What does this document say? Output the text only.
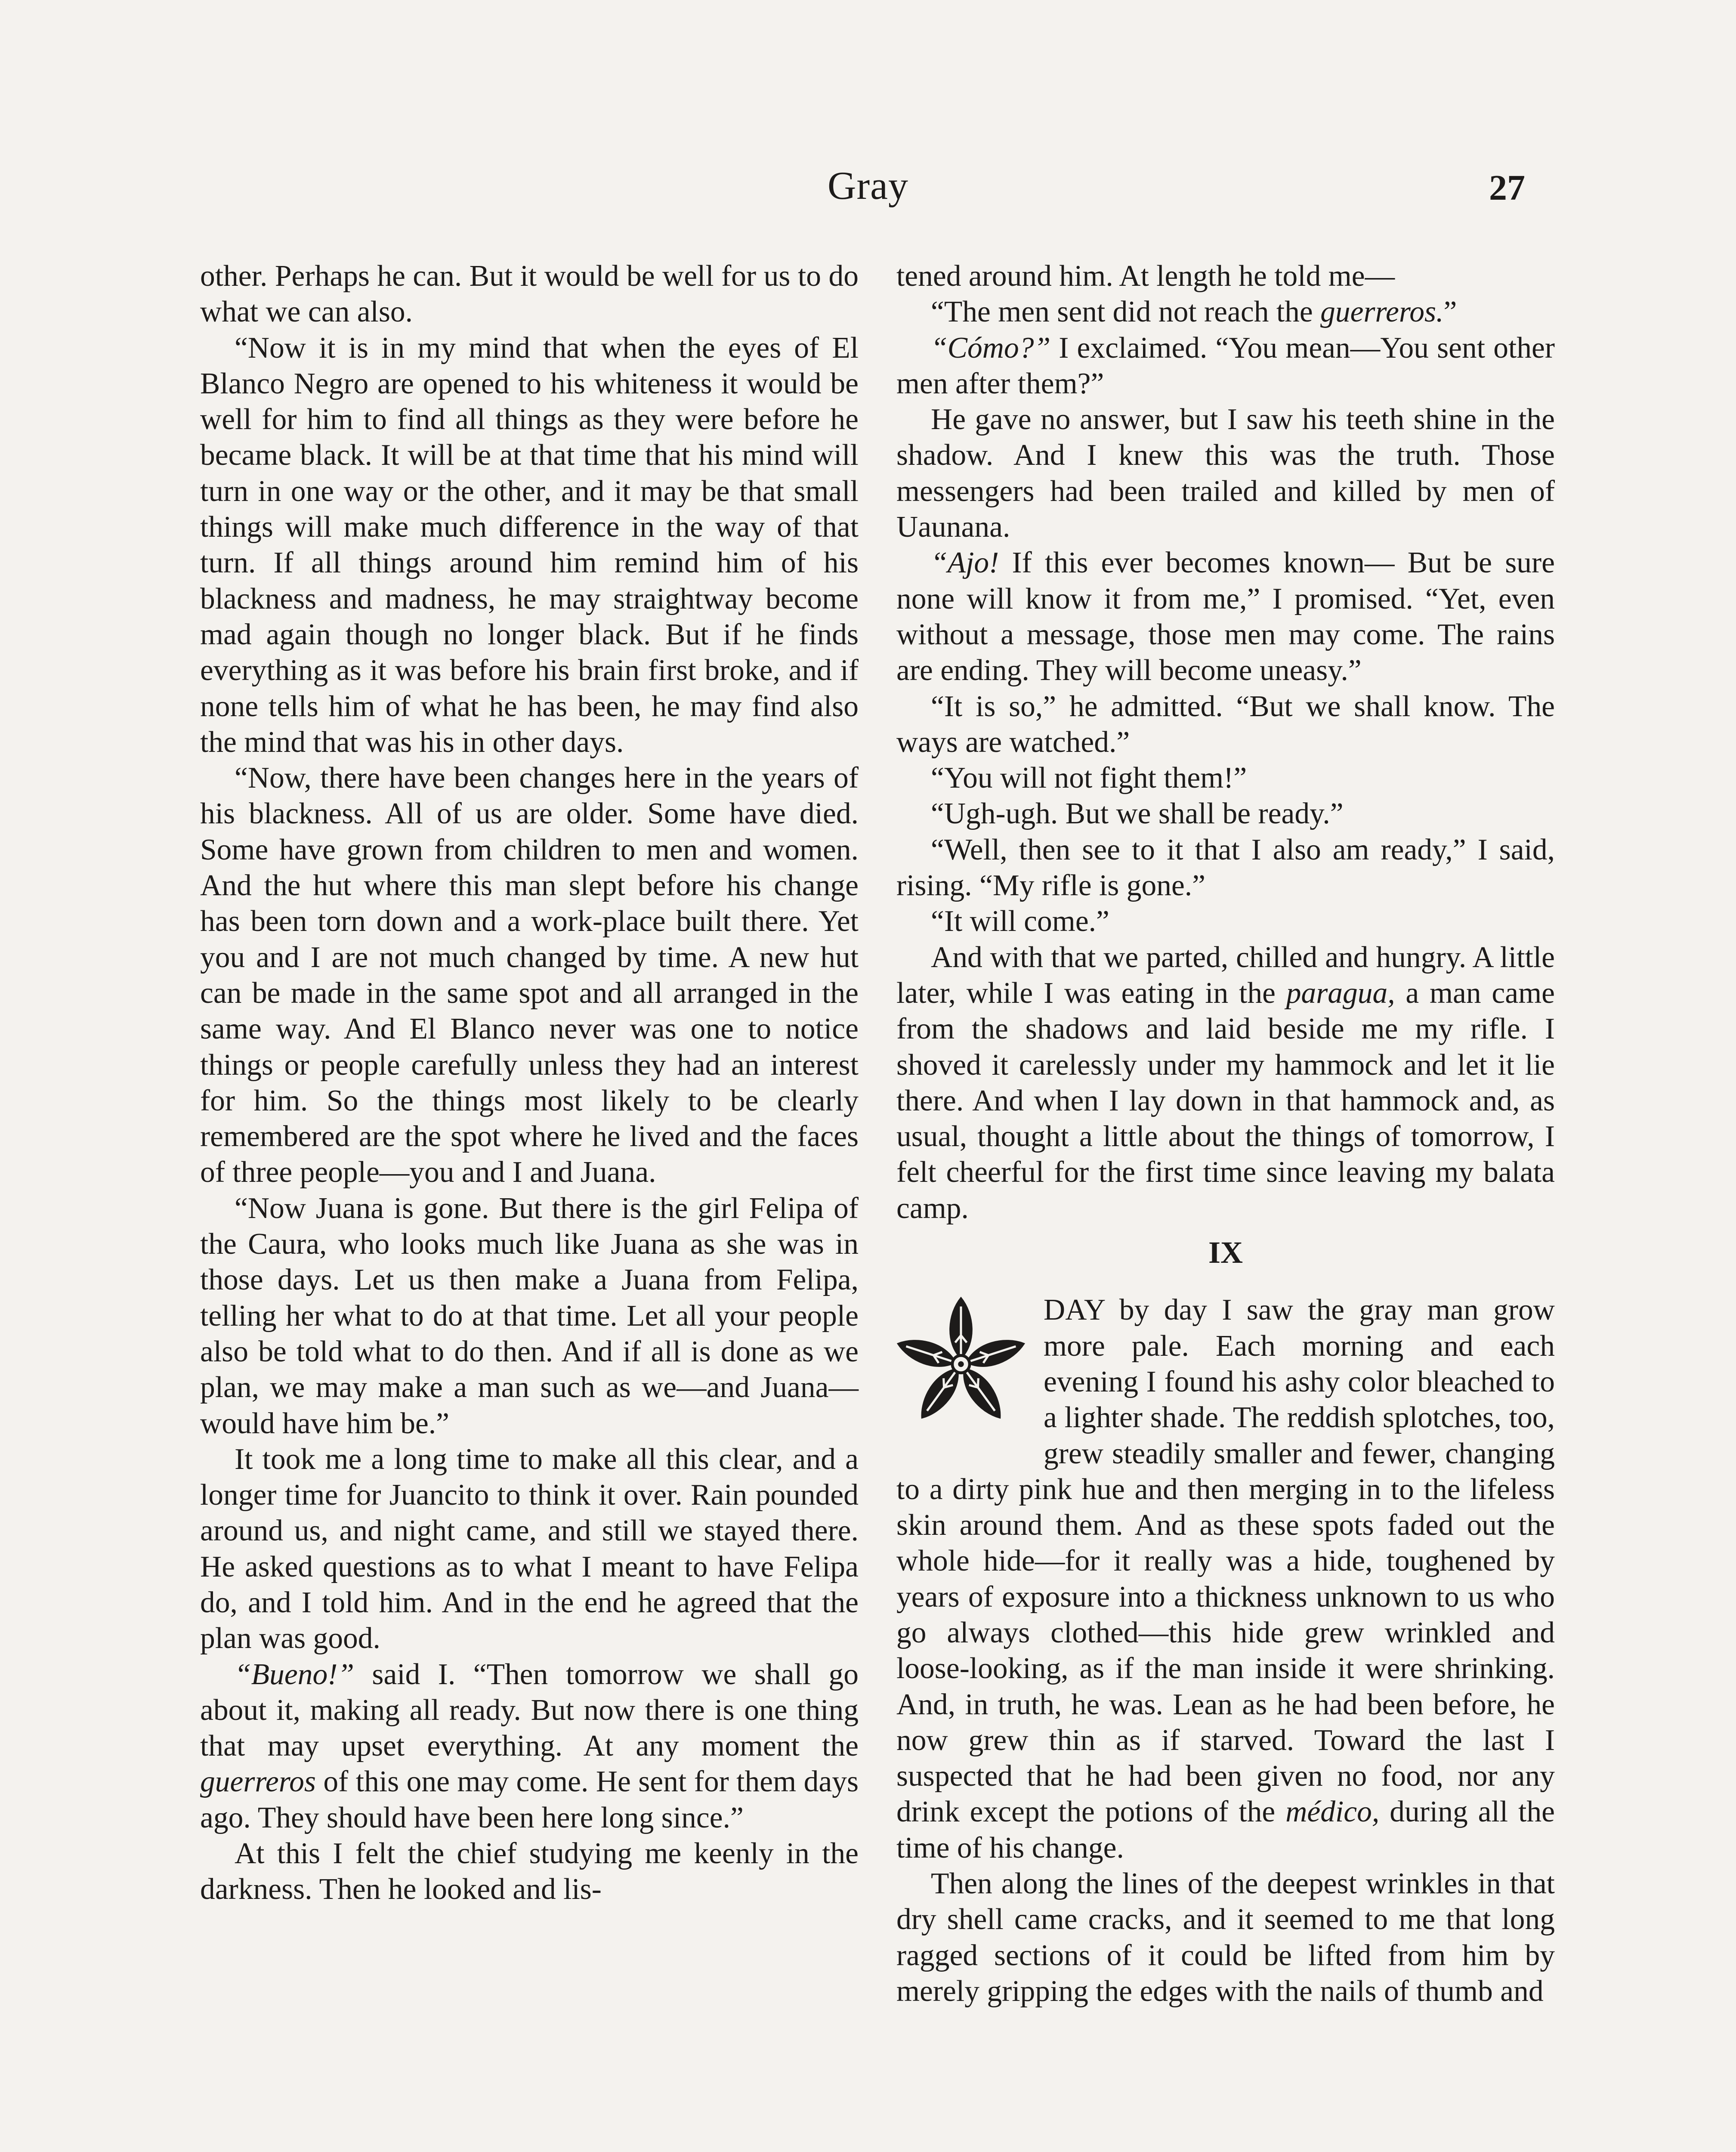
Gray	27

other. Perhaps he can. But it would be well for us to do what we can also.

“Now it is in my mind that when the eyes of El Blanco Negro are opened to his whiteness it would be well for him to find all things as they were before he became black. It will be at that time that his mind will turn in one way or the other, and it may be that small things will make much difference in the way of that turn. If all things around him remind him of his blackness and madness, he may straightway become mad again though no longer black. But if he finds everything as it was before his brain first broke, and if none tells him of what he has been, he may find also the mind that was his in other days.

“Now, there have been changes here in the years of his blackness. All of us are older. Some have died. Some have grown from children to men and women. And the hut where this man slept before his change has been torn down and a work-place built there. Yet you and I are not much changed by time. A new hut can be made in the same spot and all arranged in the same way. And El Blanco never was one to notice things or people carefully unless they had an interest for him. So the things most likely to be clearly remembered are the spot where he lived and the faces of three people—you and I and Juana.

“Now Juana is gone. But there is the girl Felipa of the Caura, who looks much like Juana as she was in those days. Let us then make a Juana from Felipa, telling her what to do at that time. Let all your people also be told what to do then. And if all is done as we plan, we may make a man such as we—and Juana—would have him be.”

It took me a long time to make all this clear, and a longer time for Juancito to think it over. Rain pounded around us, and night came, and still we stayed there. He asked questions as to what I meant to have Felipa do, and I told him. And in the end he agreed that the plan was good.

“Bueno!” said I. “Then tomorrow we shall go about it, making all ready. But now there is one thing that may upset everything. At any moment the guerreros of this one may come. He sent for them days ago. They should have been here long since.”

At this I felt the chief studying me keenly in the darkness. Then he looked and lis-

tened around him. At length he told me—

“The men sent did not reach the guerreros.”

“Cómo?” I exclaimed. “You mean—You sent other men after them?”

He gave no answer, but I saw his teeth shine in the shadow. And I knew this was the truth. Those messengers had been trailed and killed by men of Uaunana.

“Ajo! If this ever becomes known— But be sure none will know it from me,” I promised. “Yet, even without a message, those men may come. The rains are ending. They will become uneasy.”

“It is so,” he admitted. “But we shall know. The ways are watched.”

“You will not fight them!”

“Ugh-ugh. But we shall be ready.”

“Well, then see to it that I also am ready,” I said, rising. “My rifle is gone.”

“It will come.”

And with that we parted, chilled and hungry. A little later, while I was eating in the paragua, a man came from the shadows and laid beside me my rifle. I shoved it carelessly under my hammock and let it lie there. And when I lay down in that hammock and, as usual, thought a little about the things of tomorrow, I felt cheerful for the first time since leaving my balata camp.

IX

DAY by day I saw the gray man grow more pale. Each morning and each evening I found his ashy color bleached to a lighter shade. The reddish splotches, too, grew steadily smaller and fewer, changing to a dirty pink hue and then merging in to the lifeless skin around them. And as these spots faded out the whole hide—for it really was a hide, toughened by years of exposure into a thickness unknown to us who go always clothed—this hide grew wrinkled and loose-looking, as if the man inside it were shrinking. And, in truth, he was. Lean as he had been before, he now grew thin as if starved. Toward the last I suspected that he had been given no food, nor any drink except the potions of the médico, during all the time of his change.

Then along the lines of the deepest wrinkles in that dry shell came cracks, and it seemed to me that long ragged sections of it could be lifted from him by merely gripping the edges with the nails of thumb and
